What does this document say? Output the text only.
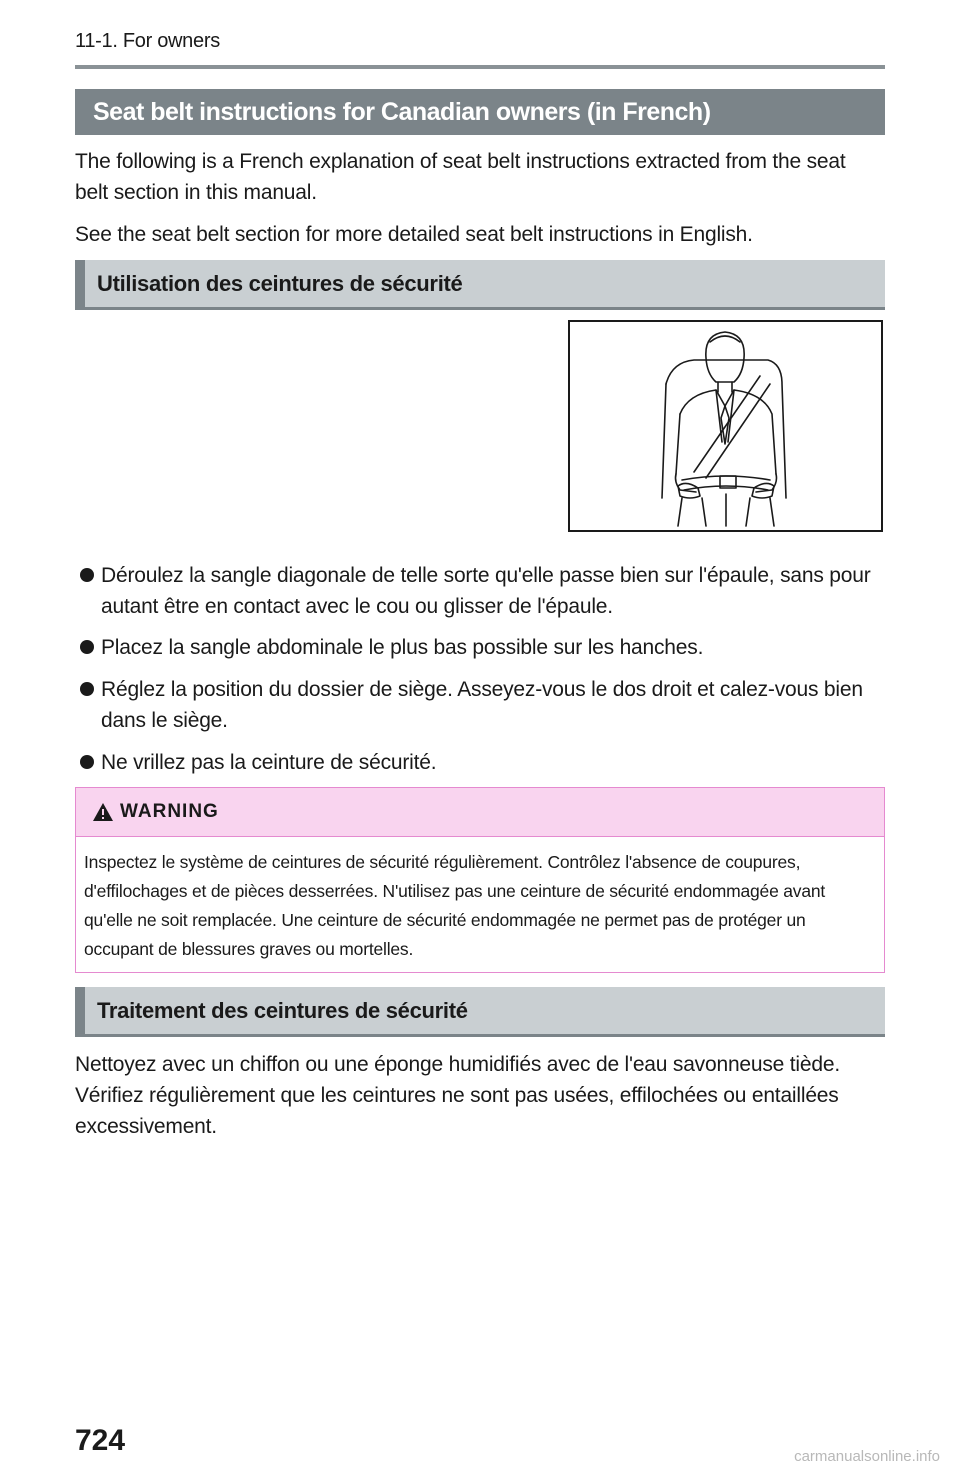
11-1. For owners
Seat belt instructions for Canadian owners (in French)
The following is a French explanation of seat belt instructions extracted from the seat belt section in this manual.
See the seat belt section for more detailed seat belt instructions in English.
Utilisation des ceintures de sécurité
Déroulez la sangle diagonale de telle sorte qu'elle passe bien sur l'épaule, sans pour autant être en contact avec le cou ou glisser de l'épaule.
Placez la sangle abdominale le plus bas possible sur les hanches.
Réglez la position du dossier de siège. Asseyez-vous le dos droit et calez-vous bien dans le siège.
Ne vrillez pas la ceinture de sécurité.
WARNING
Inspectez le système de ceintures de sécurité régulièrement. Contrôlez l'absence de coupures, d'effilochages et de pièces desserrées. N'utilisez pas une ceinture de sécurité endommagée avant qu'elle ne soit remplacée. Une ceinture de sécurité endommagée ne permet pas de protéger un occupant de blessures graves ou mortelles.
Traitement des ceintures de sécurité
Nettoyez avec un chiffon ou une éponge humidifiés avec de l'eau savonneuse tiède. Vérifiez régulièrement que les ceintures ne sont pas usées, effilochées ou entaillées excessivement.
724	carmanualsonline.info
